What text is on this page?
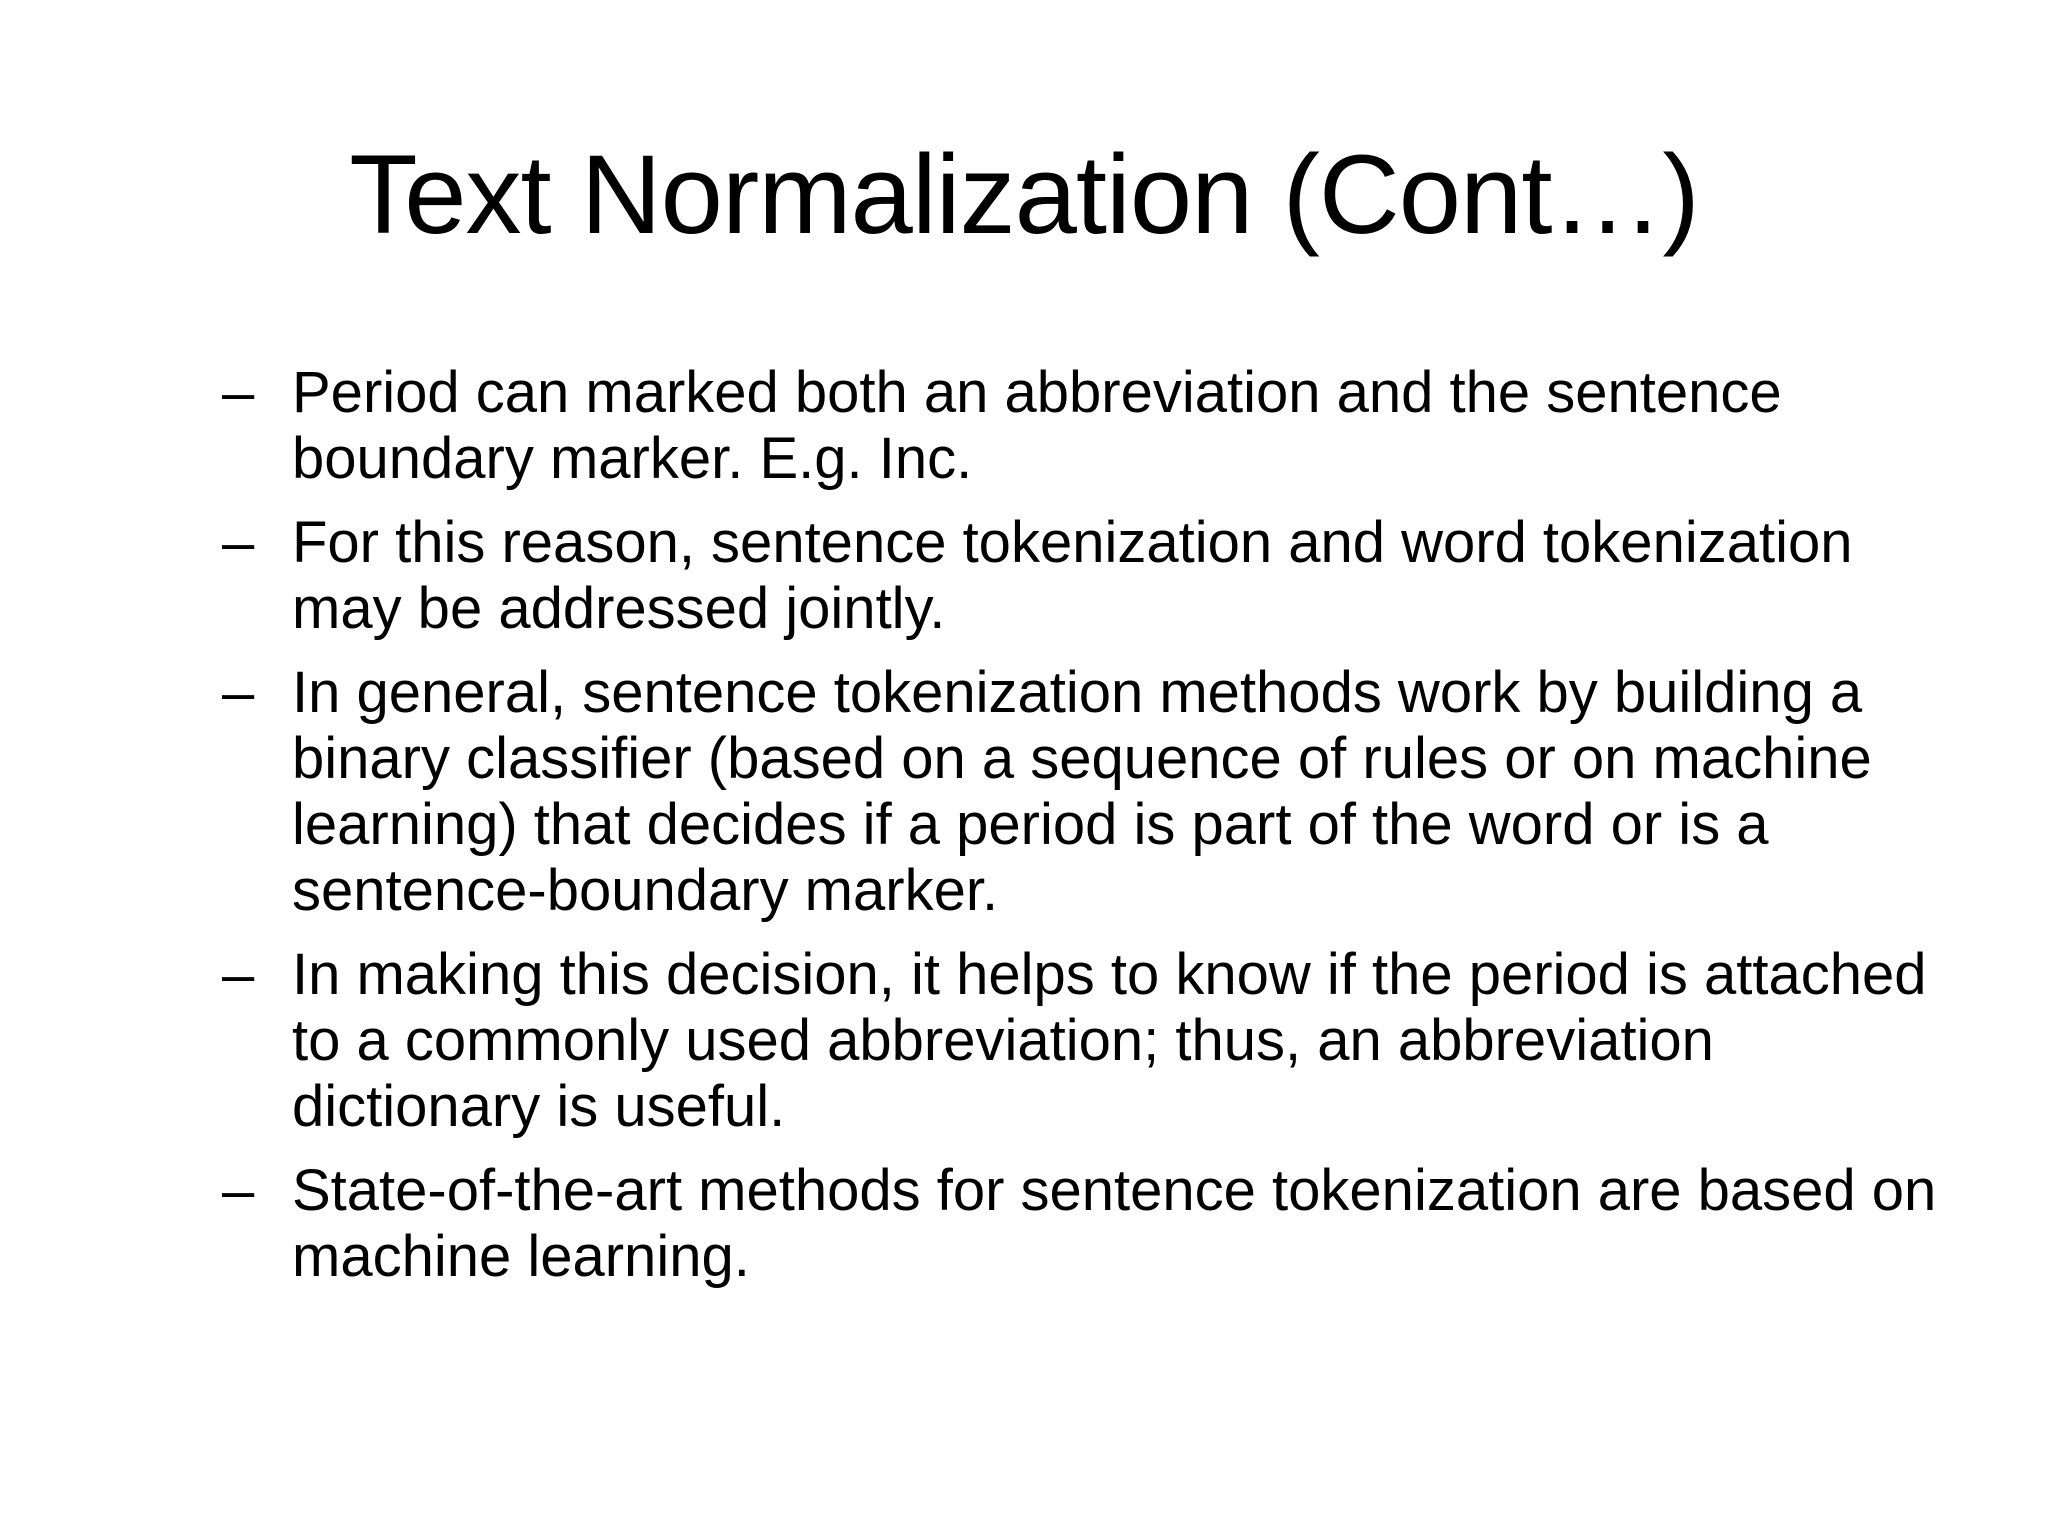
Text Normalization (Cont…)
– Period can marked both an abbreviation and the sentence boundary marker. E.g. Inc.
– For this reason, sentence tokenization and word tokenization may be addressed jointly.
– In general, sentence tokenization methods work by building a binary classifier (based on a sequence of rules or on machine learning) that decides if a period is part of the word or is a sentence-boundary marker.
– In making this decision, it helps to know if the period is attached to a commonly used abbreviation; thus, an abbreviation dictionary is useful.
– State-of-the-art methods for sentence tokenization are based on machine learning.
